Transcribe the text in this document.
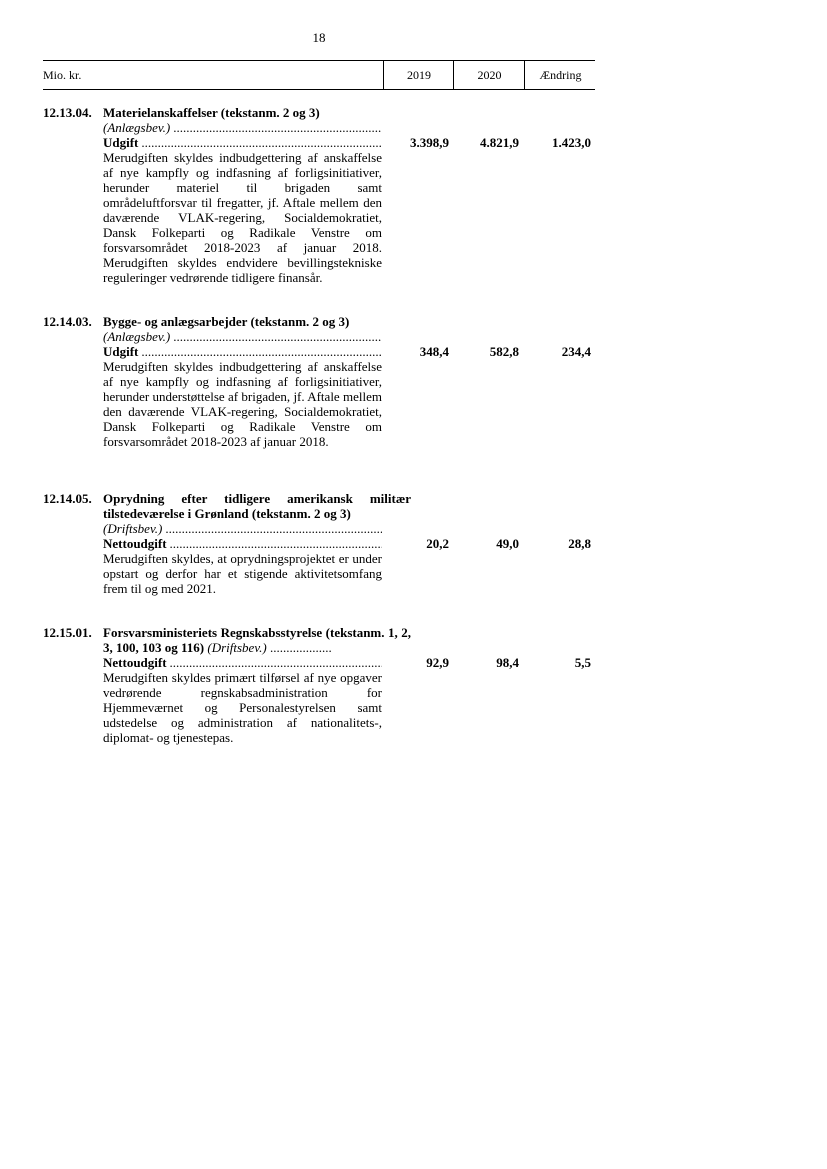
18
Mio. kr.	2019	2020	Ændring
12.13.04. Materielanskaffelser (tekstanm. 2 og 3)
(Anlægsbev.)
.....
Udgift
.....
Merudgiften skyldes indbudgettering af anskaffelse af nye kampfly og indfasning af forligsinitiativer, herunder materiel til brigaden samt områdeluftforsvar til fregatter, jf. Aftale mellem den daværende VLAK-regering, Socialdemokratiet, Dansk Folkeparti og Radikale Venstre om forsvarsområdet 2018-2023 af januar 2018. Merudgiften skyldes endvidere bevillingstekniske reguleringer vedrørende tidligere finansår.
3.398,9	4.821,9	1.423,0
12.14.03. Bygge- og anlægsarbejder (tekstanm. 2 og 3)
(Anlægsbev.)
.....
Udgift
.....
Merudgiften skyldes indbudgettering af anskaffelse af nye kampfly og indfasning af forligsinitiativer, herunder understøttelse af brigaden, jf. Aftale mellem den daværende VLAK-regering, Socialdemokratiet, Dansk Folkeparti og Radikale Venstre om forsvarsområdet 2018-2023 af januar 2018.
348,4	582,8	234,4
12.14.05. Oprydning efter tidligere amerikansk militær tilstedeværelse i Grønland (tekstanm. 2 og 3)
(Driftsbev.)
.....
Nettoudgift
.....
Merudgiften skyldes, at oprydningsprojektet er under opstart og derfor har et stigende aktivitetsomfang frem til og med 2021.
20,2	49,0	28,8
12.15.01. Forsvarsministeriets Regnskabsstyrelse (tekstanm. 1, 2, 3, 100, 103 og 116) (Driftsbev.) ...................
Nettoudgift
.....
Merudgiften skyldes primært tilførsel af nye opgaver vedrørende regnskabsadministration for Hjemmeværnet og Personalestyrelsen samt udstedelse og administration af nationalitets-, diplomat- og tjenestepas.
92,9	98,4	5,5
